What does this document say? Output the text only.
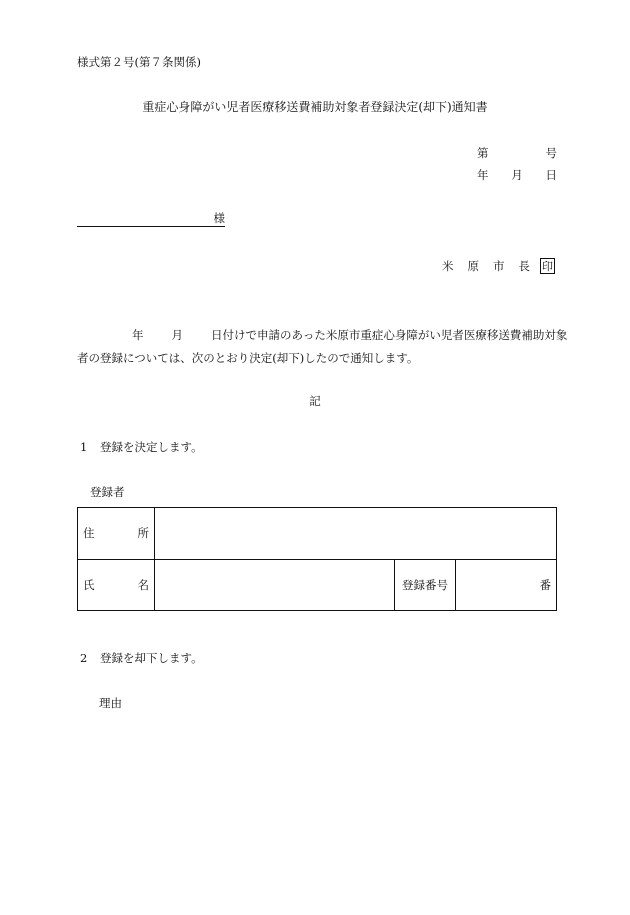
様式第２号(第７条関係)
重症心身障がい児者医療移送費補助対象者登録決定(却下)通知書
第	号
年 月 日
様
米 原 市 長 印
年 月 日付けで申請のあった米原市重症心身障がい児者医療移送費補助対象
者の登録については、次のとおり決定(却下)したので通知します。
記
1 登録を決定します。
登録者
住 所			

氏 名		登録番号	番
2 登録を却下します。
理由
